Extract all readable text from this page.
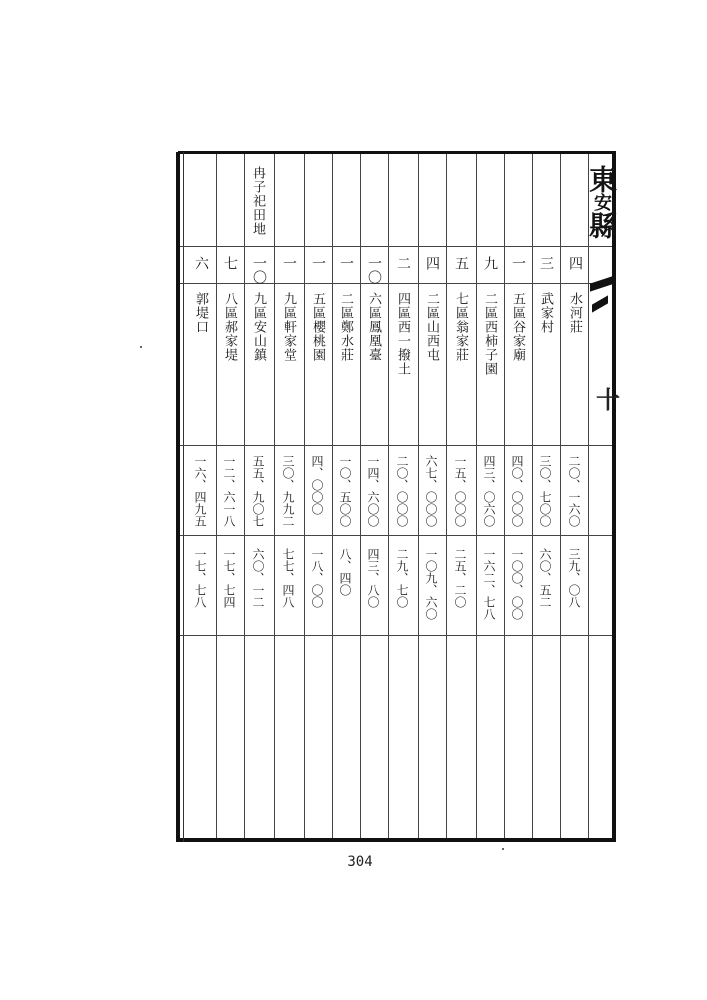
東安縣
十
冉子祀田地
四
水河莊
二〇、一六〇
三九、〇八
三
武家村
三〇、七〇〇
六〇、五二
一
五區谷家廟
四〇、〇〇〇
一〇〇、〇〇
九
二區西柿子園
四三、〇六〇
一六二、七八
五
七區翁家莊
一五、〇〇〇
二五、二〇
四
二區山西屯
六七、〇〇〇
一〇九、六〇
二
四區西一撥土
二〇、〇〇〇
二九、七〇
一〇
六區鳳凰臺
一四、六〇〇
四三、八〇
一
二區鄭水莊
一〇、五〇〇
八、四〇
一
五區櫻桃園
四、〇〇〇
一八、〇〇
一
九區軒家堂
三〇、九九二
七七、四八
一〇
九區安山鎮
五五、九〇七
六〇、一二
七
八區郝家堤
一二、六一八
一七、七四
六
郭堤口
一六、四九五
一七、七八
304
